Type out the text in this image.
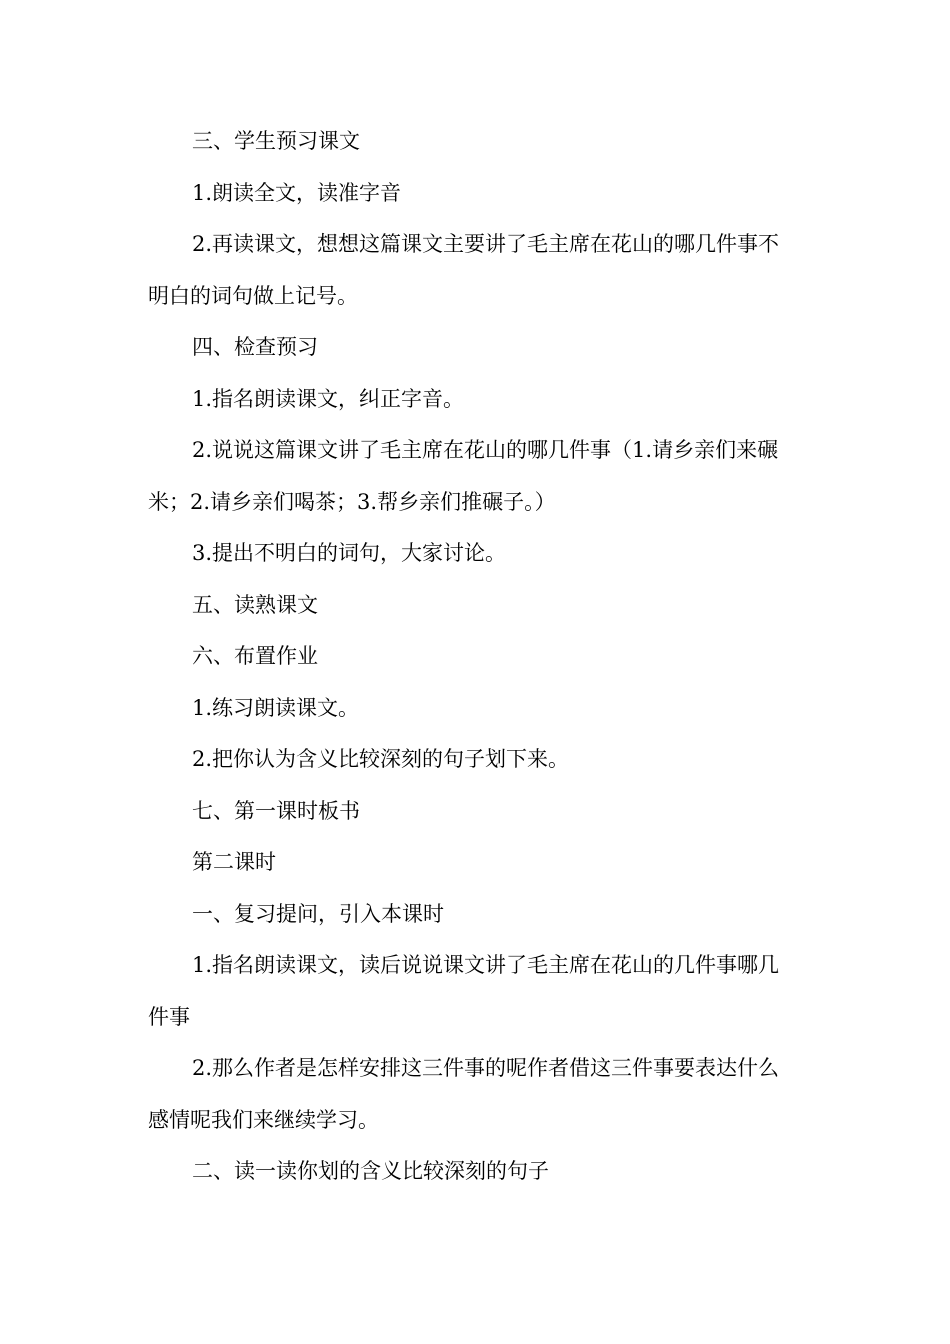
三、学生预习课文

1.朗读全文，读准字音

2.再读课文，想想这篇课文主要讲了毛主席在花山的哪几件事不明白的词句做上记号。

四、检查预习

1.指名朗读课文，纠正字音。

2.说说这篇课文讲了毛主席在花山的哪几件事（1.请乡亲们来碾米；2.请乡亲们喝茶；3.帮乡亲们推碾子。）

3.提出不明白的词句，大家讨论。

五、读熟课文

六、布置作业

1.练习朗读课文。

2.把你认为含义比较深刻的句子划下来。

七、第一课时板书

第二课时

一、复习提问，引入本课时

1.指名朗读课文，读后说说课文讲了毛主席在花山的几件事哪几件事

2.那么作者是怎样安排这三件事的呢作者借这三件事要表达什么感情呢我们来继续学习。

二、读一读你划的含义比较深刻的句子
